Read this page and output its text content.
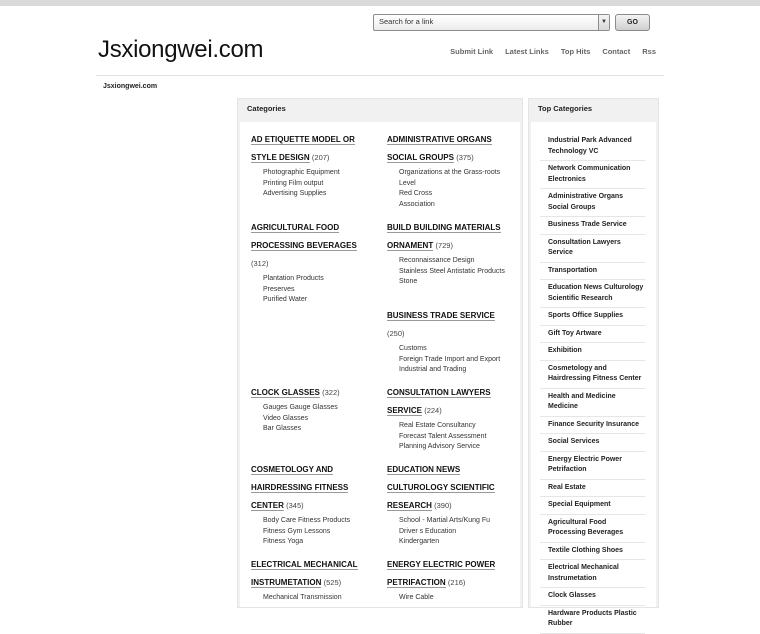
Search for a link	▼	GO
Jsxiongwei.com	Submit Link Latest Links Top Hits Contact Rss
Jsxiongwei.com
Categories
AD ETIQUETTE MODEL OR STYLE DESIGN (207)
Photographic Equipment
Printing Film output
Advertising Supplies
AGRICULTURAL FOOD PROCESSING BEVERAGES (312)
Plantation Products
Preserves
Purified Water
CLOCK GLASSES (322)
Gauges Gauge Glasses
Video Glasses
Bar Glasses
COSMETOLOGY AND HAIRDRESSING FITNESS CENTER (345)
Body Care Fitness Products
Fitness Gym Lessons
Fitness Yoga
ELECTRICAL MECHANICAL INSTRUMETATION (525)
Mechanical Transmission
ADMINISTRATIVE ORGANS SOCIAL GROUPS (375)
Organizations at the Grass-roots Level
Red Cross
Association
BUILD BUILDING MATERIALS ORNAMENT (729)
Reconnaissance Design
Stainless Steel Antistatic Products
Stone
BUSINESS TRADE SERVICE (250)
Customs
Foreign Trade Import and Export
Industrial and Trading
CONSULTATION LAWYERS SERVICE (224)
Real Estate Consultancy
Forecast Talent Assessment
Planning Advisory Service
EDUCATION NEWS CULTUROLOGY SCIENTIFIC RESEARCH (390)
School - Martial Arts/Kung Fu
Driver s Education
Kindergarten
ENERGY ELECTRIC POWER PETRIFACTION (216)
Wire Cable
Top Categories
Industrial Park Advanced Technology VC
Network Communication Electronics
Administrative Organs Social Groups
Business Trade Service
Consultation Lawyers Service
Transportation
Education News Culturology Scientific Research
Sports Office Supplies
Gift Toy Artware
Exhibition
Cosmetology and Hairdressing Fitness Center
Health and Medicine Medicine
Finance Security Insurance
Social Services
Energy Electric Power Petrifaction
Real Estate
Special Equipment
Agricultural Food Processing Beverages
Textile Clothing Shoes
Electrical Mechanical Instrumetation
Clock Glasses
Hardware Products Plastic Rubber
